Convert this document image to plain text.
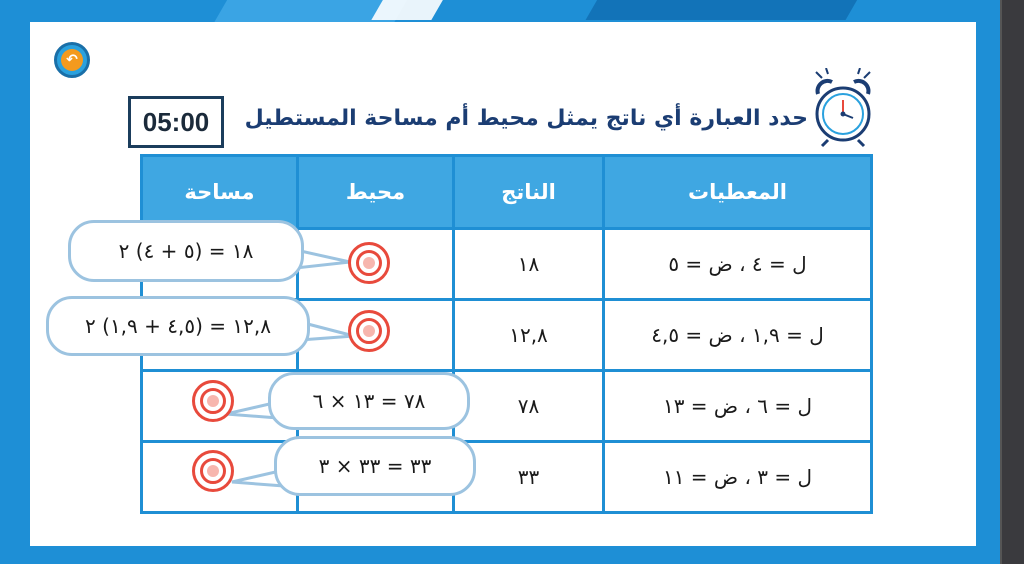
↶
05:00	حدد العبارة أي ناتج يمثل محيط أم مساحة المستطيل
مساحة	محيط	الناتج	المعطيات
		١٨	ل = ٤ ، ض = ٥
		١٢,٨	ل = ١,٩ ، ض = ٤,٥
		٧٨	ل = ٦ ، ض = ١٣
		٣٣	ل = ٣ ، ض = ١١
١٨ = (٥ + ٤) ٢
١٢,٨ = (٤,٥ + ١,٩) ٢
٧٨ = ١٣ × ٦
٣٣ = ٣٣ × ٣
